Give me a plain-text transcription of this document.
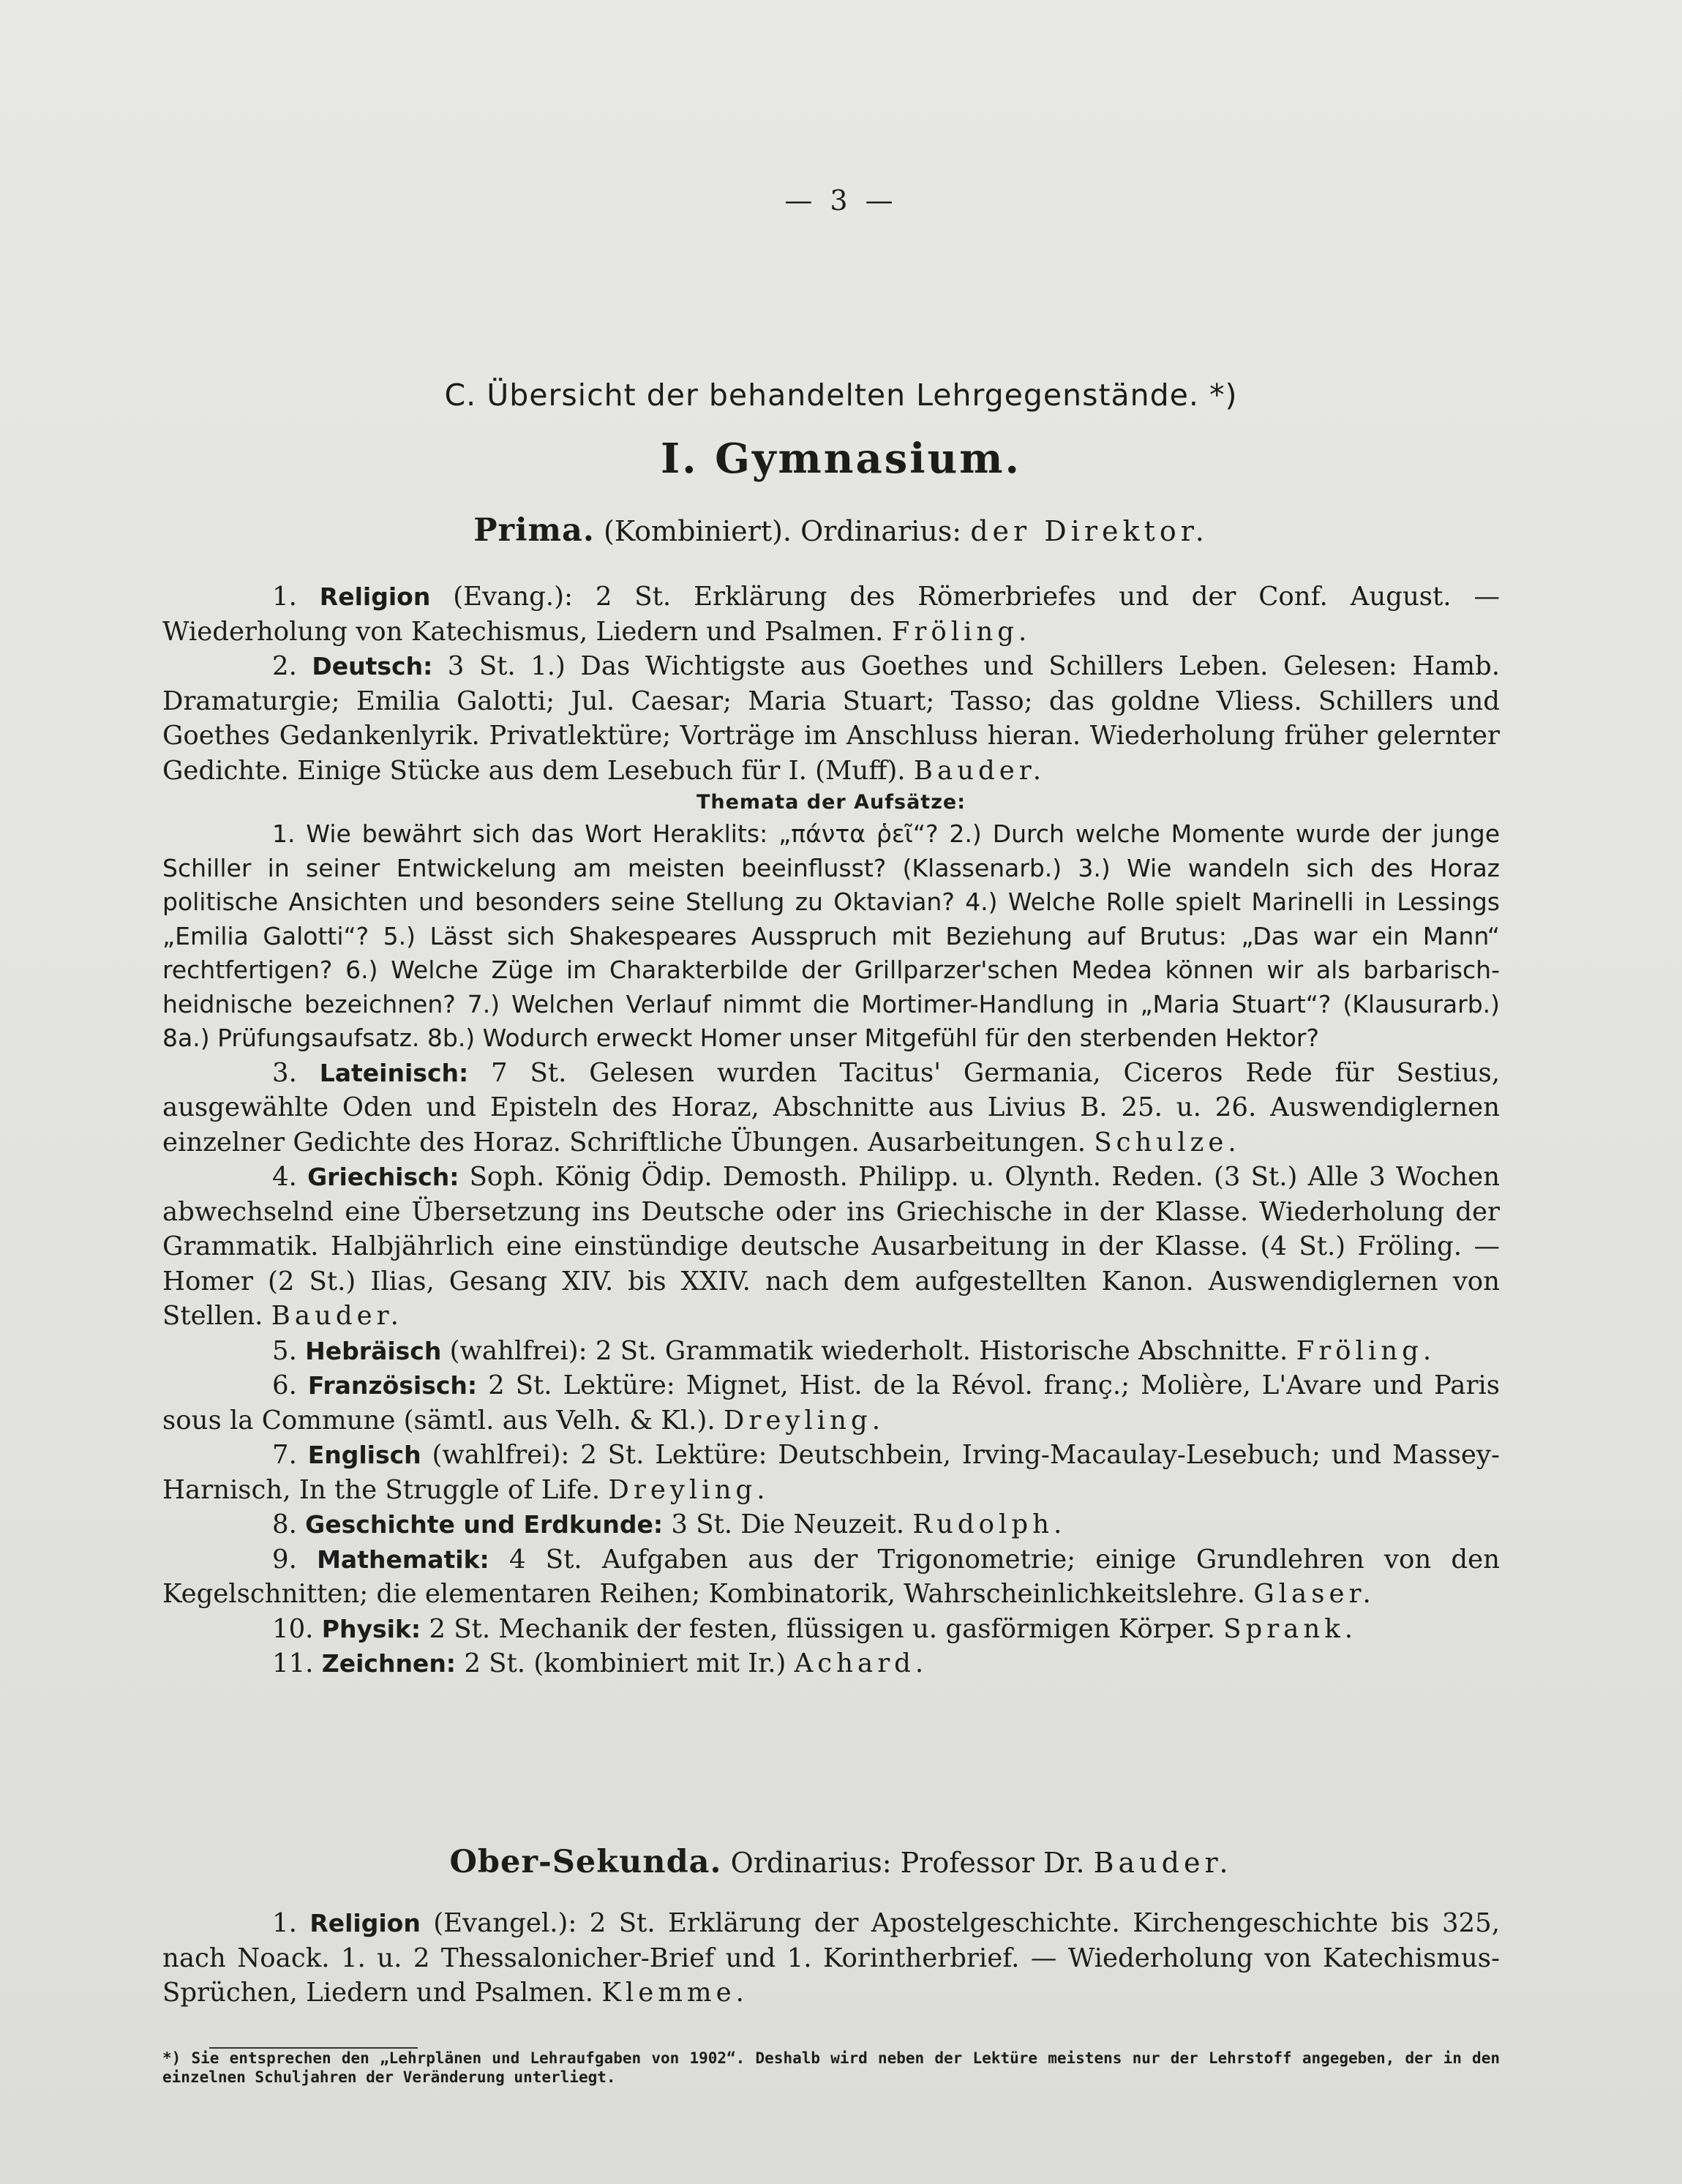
— 3 —
C. Übersicht der behandelten Lehrgegenstände. *)
I. Gymnasium.
Prima. (Kombiniert). Ordinarius: der Direktor.

1. Religion (Evang.): 2 St. Erklärung des Römerbriefes und der Conf. August. — Wiederholung von Katechismus, Liedern und Psalmen. Fröling.

2. Deutsch: 3 St. 1.) Das Wichtigste aus Goethes und Schillers Leben. Gelesen: Hamb. Dramaturgie; Emilia Galotti; Jul. Caesar; Maria Stuart; Tasso; das goldne Vliess. Schillers und Goethes Gedankenlyrik. Privatlektüre; Vorträge im Anschluss hieran. Wiederholung früher gelernter Gedichte. Einige Stücke aus dem Lesebuch für I. (Muff). Bauder.

Themata der Aufsätze:

1. Wie bewährt sich das Wort Heraklits: „πάντα ῥεῖ“? 2.) Durch welche Momente wurde der junge Schiller in seiner Entwickelung am meisten beeinflusst? (Klassenarb.) 3.) Wie wandeln sich des Horaz politische Ansichten und besonders seine Stellung zu Oktavian? 4.) Welche Rolle spielt Marinelli in Lessings „Emilia Galotti“? 5.) Lässt sich Shakespeares Ausspruch mit Beziehung auf Brutus: „Das war ein Mann“ rechtfertigen? 6.) Welche Züge im Charakterbilde der Grillparzer'schen Medea können wir als barbarisch-heidnische bezeichnen? 7.) Welchen Verlauf nimmt die Mortimer-Handlung in „Maria Stuart“? (Klausurarb.) 8a.) Prüfungsaufsatz. 8b.) Wodurch erweckt Homer unser Mitgefühl für den sterbenden Hektor?

3. Lateinisch: 7 St. Gelesen wurden Tacitus' Germania, Ciceros Rede für Sestius, ausgewählte Oden und Episteln des Horaz, Abschnitte aus Livius B. 25. u. 26. Auswendiglernen einzelner Gedichte des Horaz. Schriftliche Übungen. Ausarbeitungen. Schulze.

4. Griechisch: Soph. König Ödip. Demosth. Philipp. u. Olynth. Reden. (3 St.) Alle 3 Wochen abwechselnd eine Übersetzung ins Deutsche oder ins Griechische in der Klasse. Wiederholung der Grammatik. Halbjährlich eine einstündige deutsche Ausarbeitung in der Klasse. (4 St.) Fröling. — Homer (2 St.) Ilias, Gesang XIV. bis XXIV. nach dem aufgestellten Kanon. Auswendiglernen von Stellen. Bauder.

5. Hebräisch (wahlfrei): 2 St. Grammatik wiederholt. Historische Abschnitte. Fröling.

6. Französisch: 2 St. Lektüre: Mignet, Hist. de la Révol. franç.; Molière, L'Avare und Paris sous la Commune (sämtl. aus Velh. & Kl.). Dreyling.

7. Englisch (wahlfrei): 2 St. Lektüre: Deutschbein, Irving-Macaulay-Lesebuch; und Massey-Harnisch, In the Struggle of Life. Dreyling.

8. Geschichte und Erdkunde: 3 St. Die Neuzeit. Rudolph.

9. Mathematik: 4 St. Aufgaben aus der Trigonometrie; einige Grundlehren von den Kegelschnitten; die elementaren Reihen; Kombinatorik, Wahrscheinlichkeitslehre. Glaser.

10. Physik: 2 St. Mechanik der festen, flüssigen u. gasförmigen Körper. Sprank.

11. Zeichnen: 2 St. (kombiniert mit Ir.) Achard.

Ober-Sekunda. Ordinarius: Professor Dr. Bauder.

1. Religion (Evangel.): 2 St. Erklärung der Apostelgeschichte. Kirchengeschichte bis 325, nach Noack. 1. u. 2 Thessalonicher-Brief und 1. Korintherbrief. — Wiederholung von Katechismus-Sprüchen, Liedern und Psalmen. Klemme.

*) Sie entsprechen den „Lehrplänen und Lehraufgaben von 1902“. Deshalb wird neben der Lektüre meistens nur der Lehrstoff angegeben, der in den einzelnen Schuljahren der Veränderung unterliegt.
